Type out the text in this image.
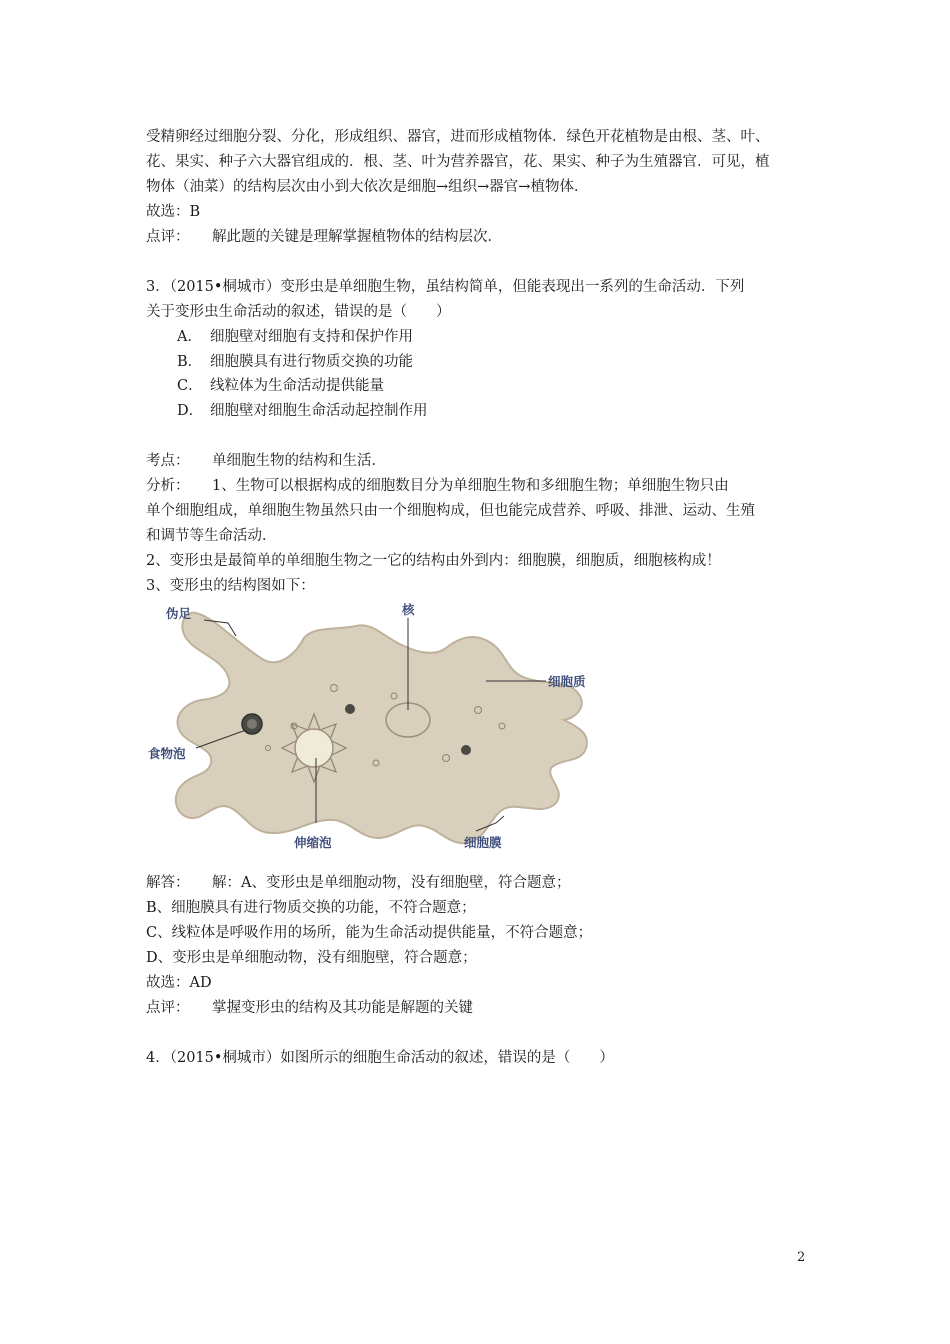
受精卵经过细胞分裂、分化，形成组织、器官，进而形成植物体．绿色开花植物是由根、茎、叶、
花、果实、种子六大器官组成的．根、茎、叶为营养器官，花、果实、种子为生殖器官．可见，植
物体（油菜）的结构层次由小到大依次是细胞→组织→器官→植物体．
故选：B
点评： 解此题的关键是理解掌握植物体的结构层次．
3．（2015•桐城市）变形虫是单细胞生物，虽结构简单，但能表现出一系列的生命活动．下列
关于变形虫生命活动的叙述，错误的是（　　）
A． 细胞壁对细胞有支持和保护作用
B． 细胞膜具有进行物质交换的功能
C． 线粒体为生命活动提供能量
D． 细胞壁对细胞生命活动起控制作用
考点： 单细胞生物的结构和生活．
分析： 1、生物可以根据构成的细胞数目分为单细胞生物和多细胞生物；单细胞生物只由
单个细胞组成，单细胞生物虽然只由一个细胞构成，但也能完成营养、呼吸、排泄、运动、生殖
和调节等生命活动．
2、变形虫是最简单的单细胞生物之一它的结构由外到内：细胞膜，细胞质，细胞核构成！
3、变形虫的结构图如下：
伪足	核
细胞质
食物泡
伸缩泡	细胞膜
解答： 解：A、变形虫是单细胞动物，没有细胞壁，符合题意；
B、细胞膜具有进行物质交换的功能，不符合题意；
C、线粒体是呼吸作用的场所，能为生命活动提供能量，不符合题意；
D、变形虫是单细胞动物，没有细胞壁，符合题意；
故选：AD
点评： 掌握变形虫的结构及其功能是解题的关键
4．（2015•桐城市）如图所示的细胞生命活动的叙述，错误的是（　　）
2
